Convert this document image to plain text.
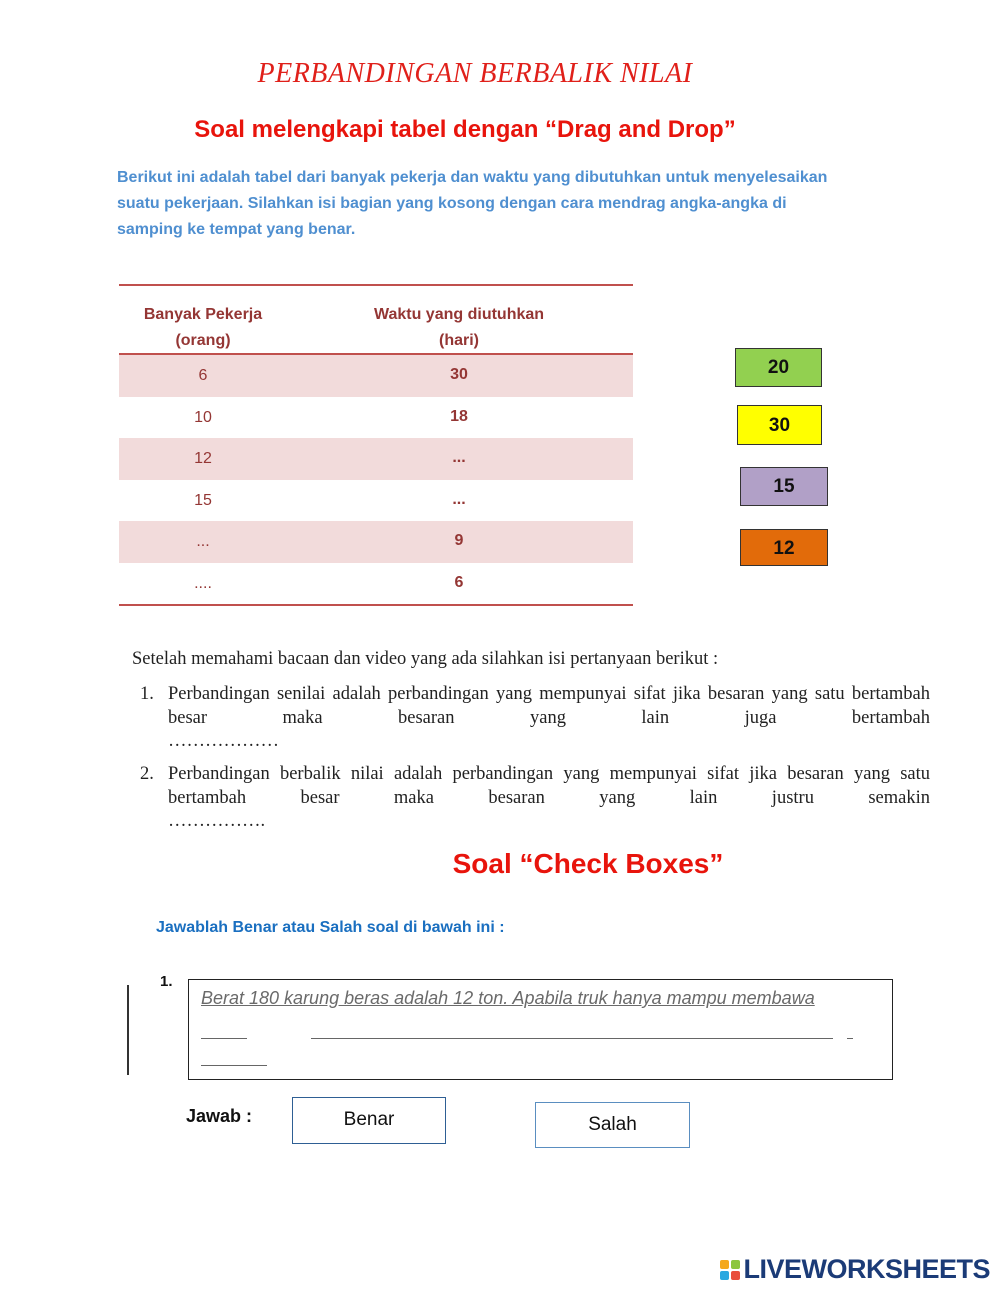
PERBANDINGAN BERBALIK NILAI
Soal melengkapi tabel dengan “Drag and Drop”
Berikut ini adalah tabel dari banyak pekerja dan waktu yang dibutuhkan untuk menyelesaikan suatu pekerjaan. Silahkan isi bagian yang kosong dengan cara mendrag angka-angka di samping ke tempat yang benar.
Banyak Pekerja
(orang)
Waktu yang diutuhkan
(hari)
6	30
10	18
12	...
15	...
...	9
....	6
20
30
15
12
Setelah memahami bacaan dan video yang ada silahkan isi pertanyaan berikut :
1. Perbandingan senilai adalah perbandingan yang mempunyai sifat jika besaran yang satu bertambah besar maka besaran yang lain juga bertambah
………………
2. Perbandingan berbalik nilai adalah perbandingan yang mempunyai sifat jika besaran yang satu bertambah besar maka besaran yang lain justru semakin
…………….
Soal “Check Boxes”
Jawablah Benar atau Salah soal di bawah ini :
1.
Berat 180 karung beras adalah 12 ton. Apabila truk hanya mampu membawa
Jawab :	Benar	Salah
LIVEWORKSHEETS
